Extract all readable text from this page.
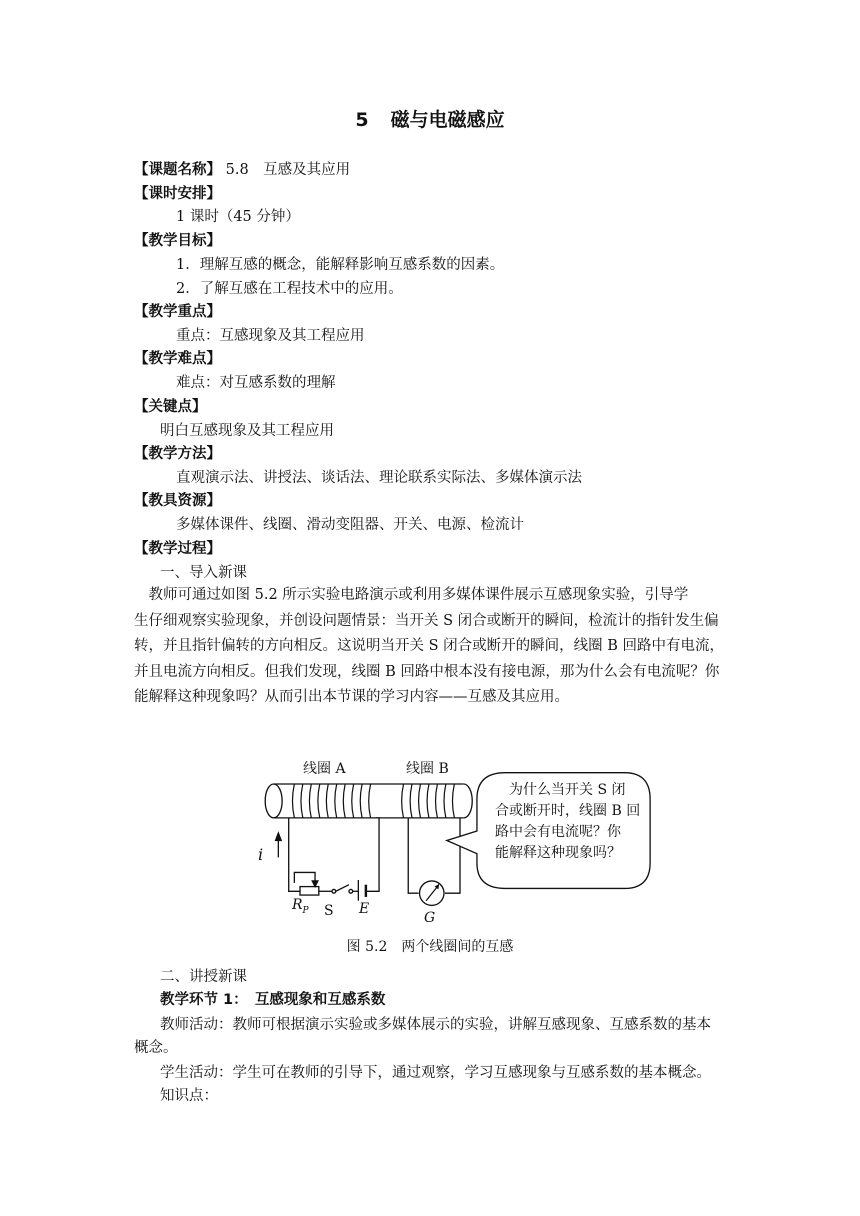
5 磁与电磁感应
【课题名称】 5.8　互感及其应用
【课时安排】
1 课时（45 分钟）
【教学目标】
1．理解互感的概念，能解释影响互感系数的因素。
2．了解互感在工程技术中的应用。
【教学重点】
重点：互感现象及其工程应用
【教学难点】
难点：对互感系数的理解
【关键点】
明白互感现象及其工程应用
【教学方法】
直观演示法、讲授法、谈话法、理论联系实际法、多媒体演示法
【教具资源】
多媒体课件、线圈、滑动变阻器、开关、电源、检流计
【教学过程】
一、导入新课
　教师可通过如图 5.2 所示实验电路演示或利用多媒体课件展示互感现象实验，引导学
生仔细观察实验现象，并创设问题情景：当开关 S 闭合或断开的瞬间，检流计的指针发生偏
转，并且指针偏转的方向相反。这说明当开关 S 闭合或断开的瞬间，线圈 B 回路中有电流，
并且电流方向相反。但我们发现，线圈 B 回路中根本没有接电源，那为什么会有电流呢？你
能解释这种现象吗？从而引出本节课的学习内容——互感及其应用。
线圈 A	线圈 B
i
$R_P$ S E
G
为什么当开关 S 闭
合或断开时，线圈 B 回
路中会有电流呢？你
能解释这种现象吗？
图 5.2　两个线圈间的互感
二、讲授新课
教学环节 1：　互感现象和互感系数
教师活动：教师可根据演示实验或多媒体展示的实验，讲解互感现象、互感系数的基本
概念。
学生活动：学生可在教师的引导下，通过观察，学习互感现象与互感系数的基本概念。
知识点：
